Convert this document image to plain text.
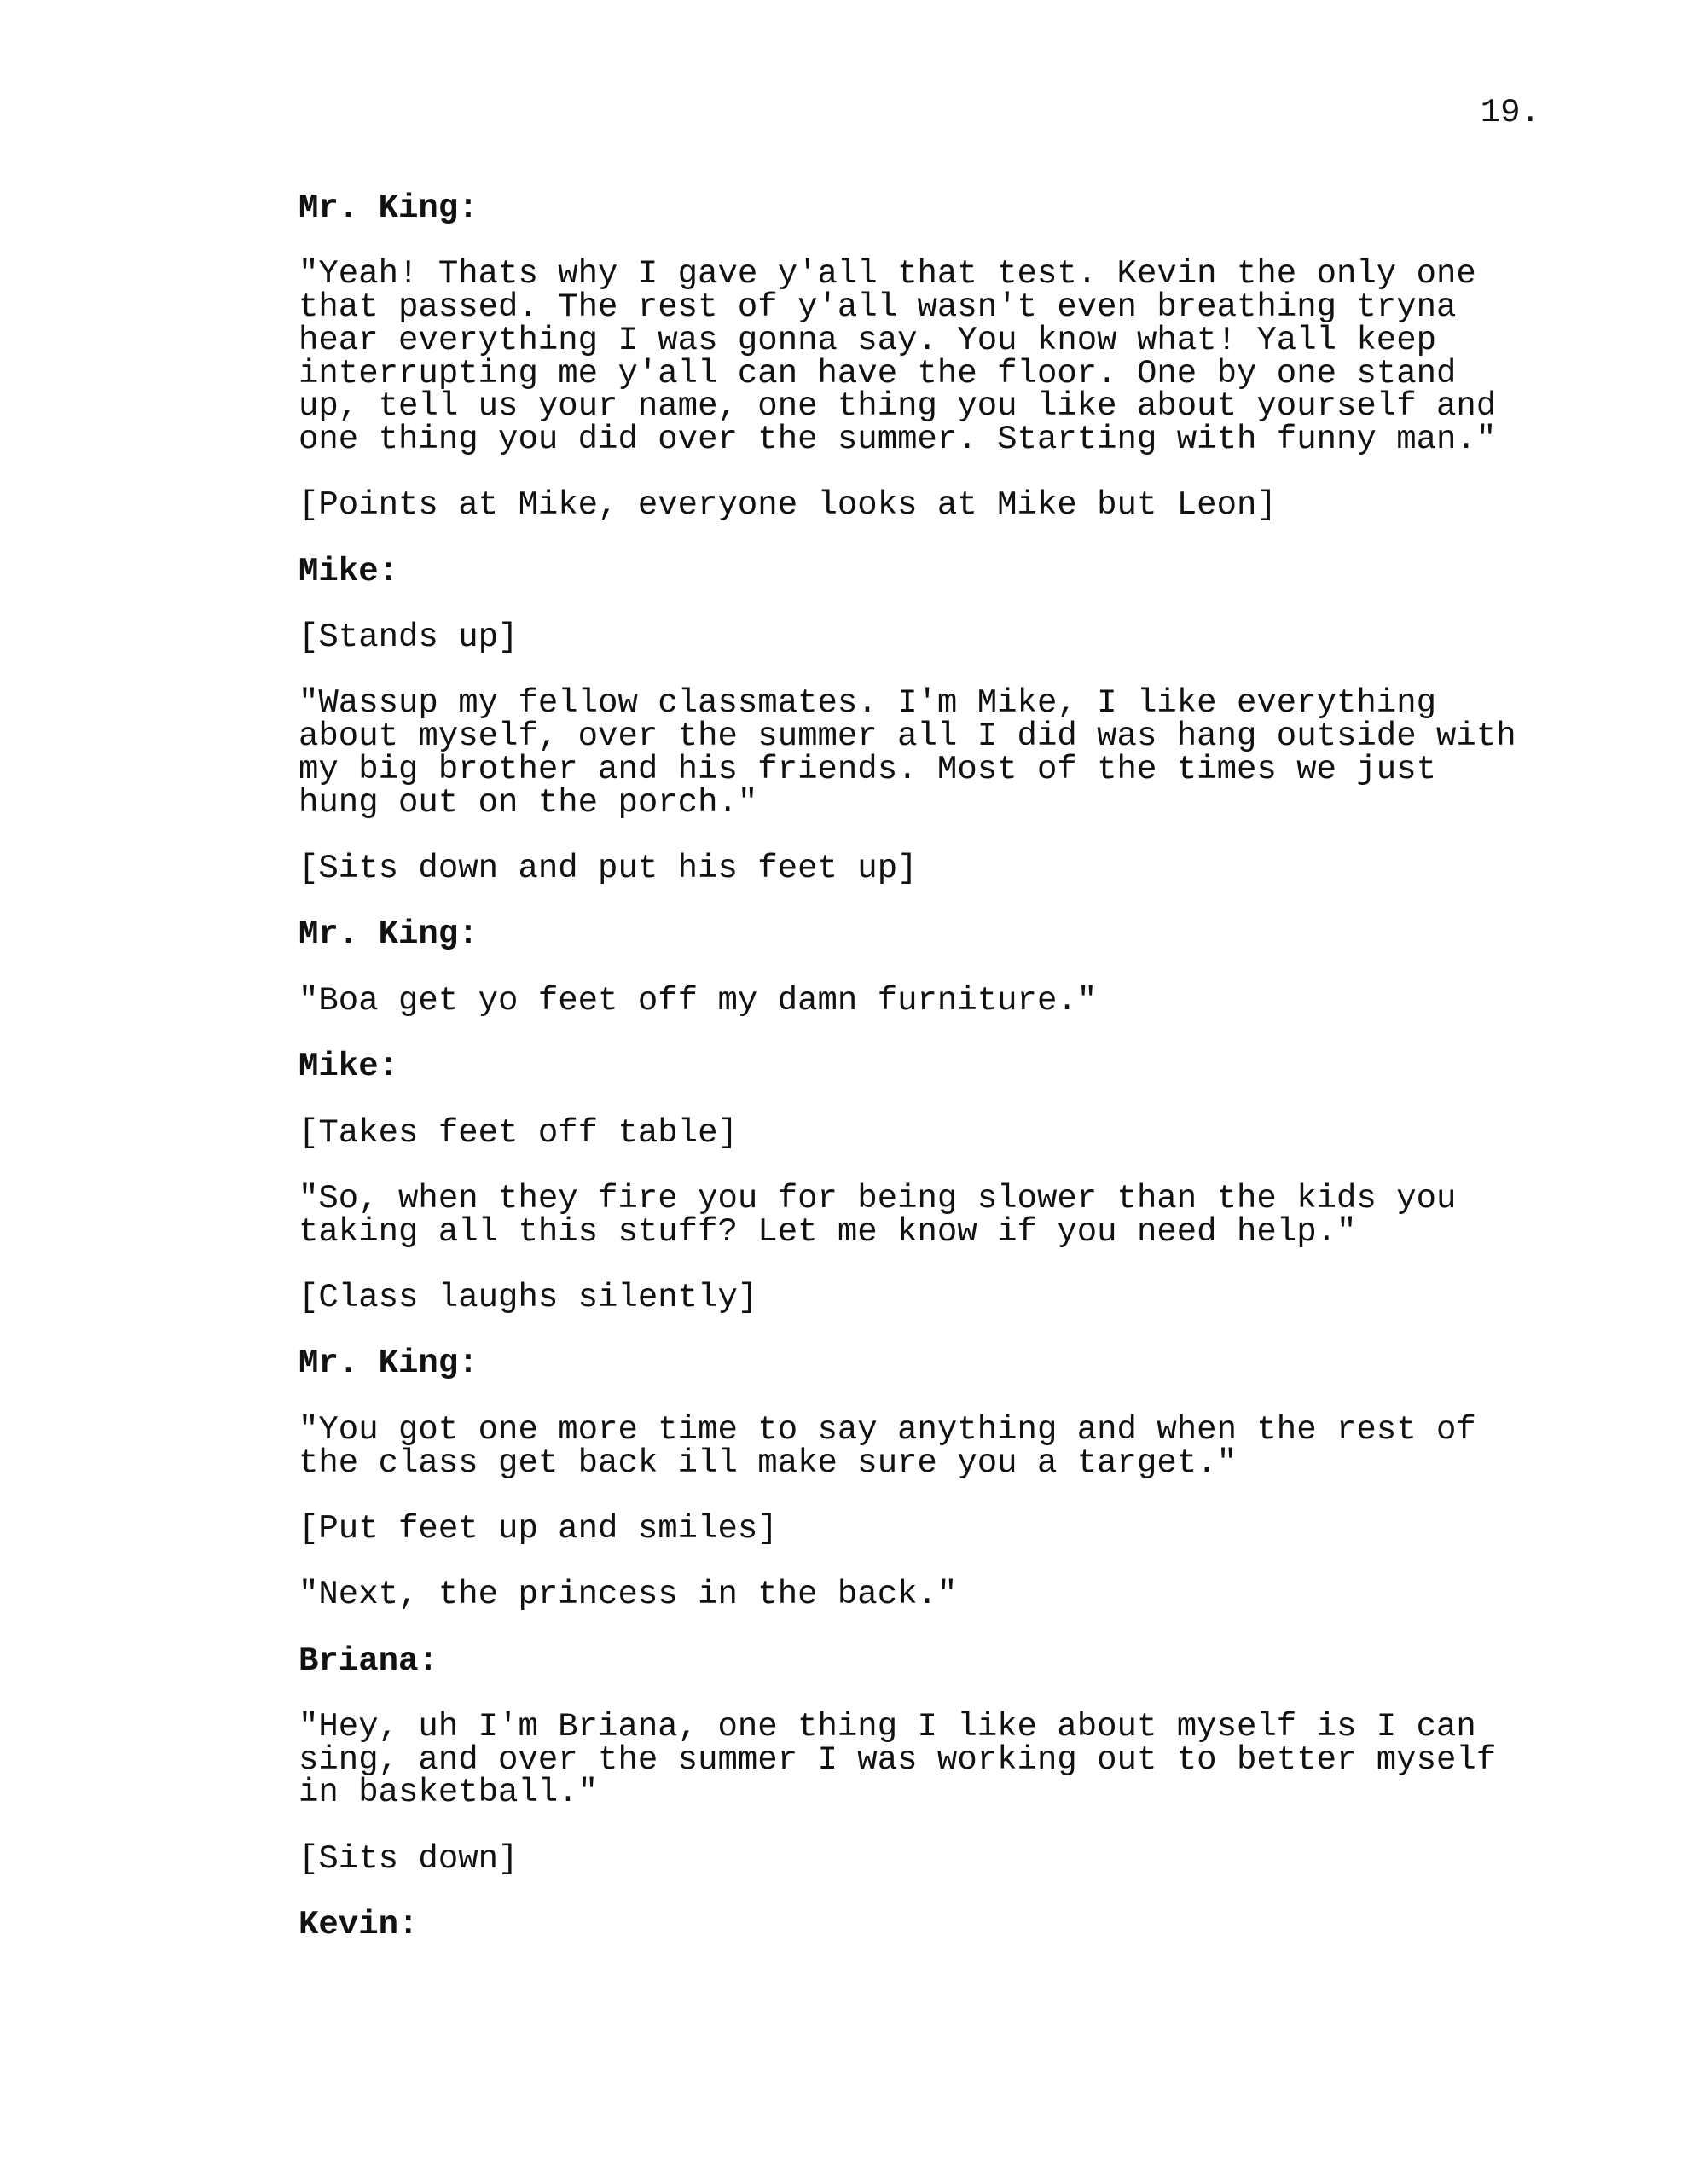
19.
Mr. King:
"Yeah! Thats why I gave y'all that test. Kevin the only one
that passed. The rest of y'all wasn't even breathing tryna
hear everything I was gonna say. You know what! Yall keep
interrupting me y'all can have the floor. One by one stand
up, tell us your name, one thing you like about yourself and
one thing you did over the summer. Starting with funny man."
[Points at Mike, everyone looks at Mike but Leon]
Mike:
[Stands up]
"Wassup my fellow classmates. I'm Mike, I like everything
about myself, over the summer all I did was hang outside with
my big brother and his friends. Most of the times we just
hung out on the porch."
[Sits down and put his feet up]
Mr. King:
"Boa get yo feet off my damn furniture."
Mike:
[Takes feet off table]
"So, when they fire you for being slower than the kids you
taking all this stuff? Let me know if you need help."
[Class laughs silently]
Mr. King:
"You got one more time to say anything and when the rest of
the class get back ill make sure you a target."
[Put feet up and smiles]
"Next, the princess in the back."
Briana:
"Hey, uh I'm Briana, one thing I like about myself is I can
sing, and over the summer I was working out to better myself
in basketball."
[Sits down]
Kevin:
